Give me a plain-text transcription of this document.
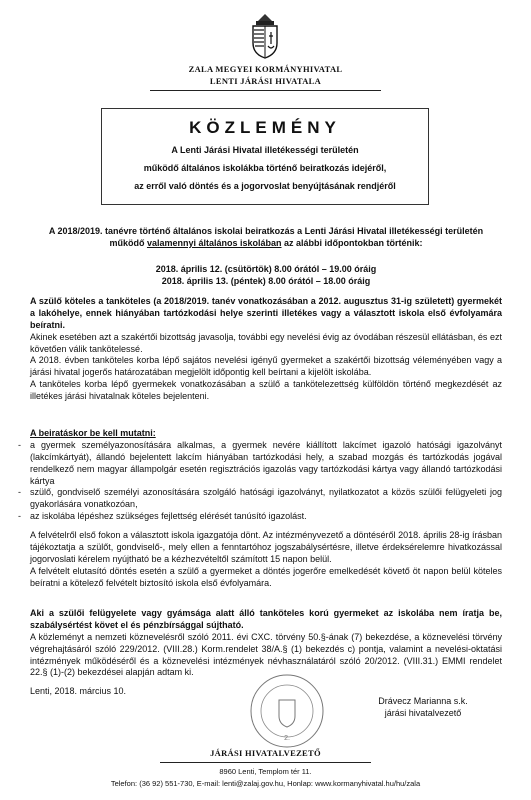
ZALA MEGYEI KORMÁNYHIVATAL
LENTI JÁRÁSI HIVATALA
KÖZLEMÉNY
A Lenti Járási Hivatal illetékességi területén
működő általános iskolákba történő beiratkozás idejéről,
az erről való döntés és a jogorvoslat benyújtásának rendjéről
A 2018/2019. tanévre történő általános iskolai beiratkozás a Lenti Járási Hivatal illetékességi területén működő valamennyi általános iskolában az alábbi időpontokban történik:
2018. április 12. (csütörtök) 8.00 órától – 19.00 óráig
2018. április 13. (péntek) 8.00 órától – 18.00 óráig
A szülő köteles a tanköteles (a 2018/2019. tanév vonatkozásában a 2012. augusztus 31-ig született) gyermekét a lakóhelye, ennek hiányában tartózkodási helye szerinti illetékes vagy a választott iskola első évfolyamára beíratni.
Akinek esetében azt a szakértői bizottság javasolja, további egy nevelési évig az óvodában részesül ellátásban, és ezt követően válik tankötelessé.
A 2018. évben tanköteles korba lépő sajátos nevelési igényű gyermeket a szakértői bizottság véleményében vagy a járási hivatal jogerős határozatában megjelölt időpontig kell beírtani a kijelölt iskolába.
A tanköteles korba lépő gyermekek vonatkozásában a szülő a tankötelezettség külföldön történő megkezdését az illetékes járási hivatalnak köteles bejelenteni.
A beiratáskor be kell mutatni:
- a gyermek személyazonosítására alkalmas, a gyermek nevére kiállított lakcímet igazoló hatósági igazolványt (lakcímkártyát), állandó bejelentett lakcím hiányában tartózkodási hely, a szabad mozgás és tartózkodás jogával rendelkező nem magyar állampolgár esetén regisztrációs igazolás vagy tartózkodási kártya vagy állandó tartózkodási kártya
- szülő, gondviselő személyi azonosítására szolgáló hatósági igazolványt, nyilatkozatot a közös szülői felügyeleti jog gyakorlására vonatkozóan,
- az iskolába lépéshez szükséges fejlettség elérését tanúsító igazolást.
A felvételről első fokon a választott iskola igazgatója dönt. Az intézményvezető a döntéséről 2018. április 28-ig írásban tájékoztatja a szülőt, gondviselő-, mely ellen a fenntartóhoz jogszabálysértésre, illetve érdeksérelemre hivatkozással jogorvoslati kérelem nyújtható be a kézhezvételtől számított 15 napon belül.
A felvételt elutasító döntés esetén a szülő a gyermeket a döntés jogerőre emelkedését követő öt napon belül köteles beíratni a kötelező felvételt biztosító iskola első évfolyamára.
Aki a szülői felügyelete vagy gyámsága alatt álló tanköteles korú gyermeket az iskolába nem íratja be, szabálysértést követ el és pénzbírsággal sújtható.
A közleményt a nemzeti köznevelésről szóló 2011. évi CXC. törvény 50.§-ának (7) bekezdése, a köznevelési törvény végrehajtásáról szóló 229/2012. (VIII.28.) Korm.rendelet 38/A.§ (1) bekezdés c) pontja, valamint a nevelési-oktatási intézmények működéséről és a köznevelési intézmények névhasználatáról szóló 20/2012. (VIII.31.) EMMI rendelet 22.§ (1)-(2) bekezdései alapján adtam ki.
Lenti, 2018. március 10.
2.
Drávecz Marianna s.k.
járási hivatalvezető
JÁRÁSI HIVATALVEZETŐ
8960 Lenti, Templom tér 11.
Telefon: (36 92) 551-730, E-mail: lenti@zalaj.gov.hu, Honlap: www.kormanyhivatal.hu/hu/zala
